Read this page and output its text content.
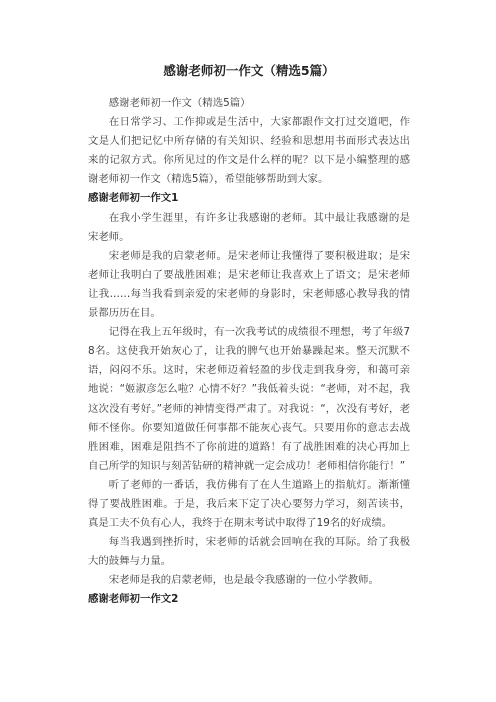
感谢老师初一作文（精选5篇）

感谢老师初一作文（精选5篇）

在日常学习、工作抑或是生活中，大家都跟作文打过交道吧，作文是人们把记忆中所存储的有关知识、经验和思想用书面形式表达出来的记叙方式。你所见过的作文是什么样的呢？以下是小编整理的感谢老师初一作文（精选5篇），希望能够帮助到大家。

感谢老师初一作文1

在我小学生涯里，有许多让我感谢的老师。其中最让我感谢的是宋老师。

宋老师是我的启蒙老师。是宋老师让我懂得了要积极进取；是宋老师让我明白了要战胜困难；是宋老师让我喜欢上了语文；是宋老师让我……每当我看到亲爱的宋老师的身影时，宋老师感心教导我的情景都历历在目。

记得在我上五年级时，有一次我考试的成绩很不理想，考了年级78名。这使我开始灰心了，让我的脾气也开始暴躁起来。整天沉默不语，闷闷不乐。这时，宋老师迈着轻盈的步伐走到我身旁，和蔼可亲地说：“姬淑彦怎么啦？心情不好？”我低着头说：“老师，对不起，我这次没有考好。”老师的神情变得严肃了。对我说：“，次没有考好，老师不怪你。你要知道做任何事都不能灰心丧气。只要用你的意志去战胜困难，困难是阻挡不了你前进的道路！有了战胜困难的决心再加上自己所学的知识与刻苦钻研的精神就一定会成功！老师相信你能行！”

听了老师的一番话，我仿佛有了在人生道路上的指航灯。渐渐懂得了要战胜困难。于是，我后来下定了决心要努力学习，刻苦读书，真是工夫不负有心人，我终于在期末考试中取得了19名的好成绩。

每当我遇到挫折时，宋老师的话就会回响在我的耳际。给了我极大的鼓舞与力量。

宋老师是我的启蒙老师，也是最令我感谢的一位小学教师。

感谢老师初一作文2
